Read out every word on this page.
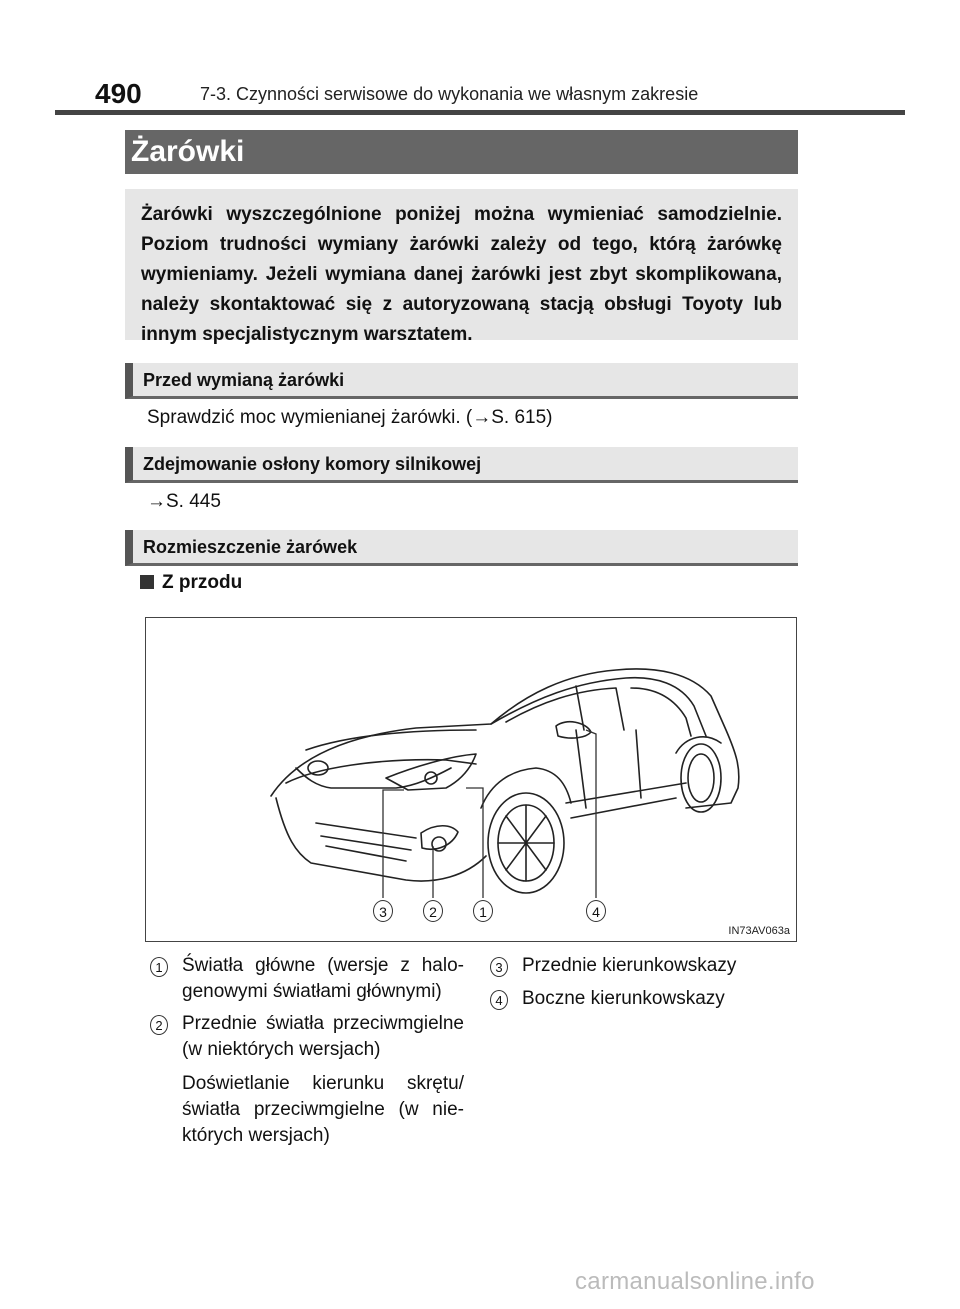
490	7-3. Czynności serwisowe do wykonania we własnym zakresie
Żarówki
Żarówki wyszczególnione poniżej można wymieniać samodzielnie. Poziom trudności wymiany żarówki zależy od tego, którą żarówkę wymieniamy. Jeżeli wymiana danej żarówki jest zbyt skomplikowana, należy skontaktować się z autoryzowaną stacją obsługi Toyoty lub innym specjalistycznym warsztatem.
Przed wymianą żarówki
Sprawdzić moc wymienianej żarówki. (→S. 615)
Zdejmowanie osłony komory silnikowej
→S. 445
Rozmieszczenie żarówek
Z przodu
3	2	1	4
IN73AV063a
1 Światła główne (wersje z halogenowymi światłami głównymi)
2 Przednie światła przeciwmgielne (w niektórych wersjach)
Doświetlanie kierunku skrętu/ światła przeciwmgielne (w niektórych wersjach)
3 Przednie kierunkowskazy
4 Boczne kierunkowskazy
carmanualsonline.info
